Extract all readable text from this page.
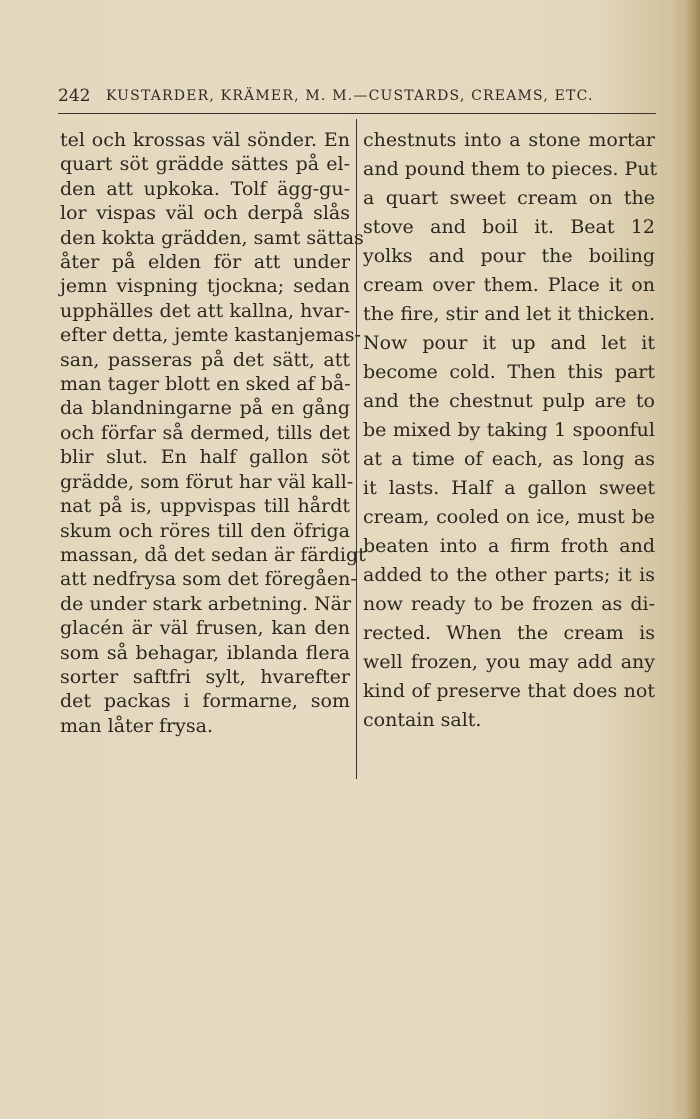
242 KUSTARDER, KRÄMER, M. M.—CUSTARDS, CREAMS, ETC.
tel och krossas väl sönder. En
quart söt grädde sättes på el-
den att upkoka. Tolf ägg-gu-
lor vispas väl och derpå slås
den kokta grädden, samt sättas
åter på elden för att under
jemn vispning tjockna; sedan
upphälles det att kallna, hvar-
efter detta, jemte kastanjemas-
san, passeras på det sätt, att
man tager blott en sked af bå-
da blandningarne på en gång
och förfar så dermed, tills det
blir slut. En half gallon söt
grädde, som förut har väl kall-
nat på is, uppvispas till hårdt
skum och röres till den öfriga
massan, då det sedan är färdigt
att nedfrysa som det föregåen-
de under stark arbetning. När
glacén är väl frusen, kan den
som så behagar, iblanda flera
sorter saftfri sylt, hvarefter
det packas i formarne, som
man låter frysa.
chestnuts into a stone mortar
and pound them to pieces. Put
a quart sweet cream on the
stove and boil it. Beat 12
yolks and pour the boiling
cream over them. Place it on
the fire, stir and let it thicken.
Now pour it up and let it
become cold. Then this part
and the chestnut pulp are to
be mixed by taking 1 spoonful
at a time of each, as long as
it lasts. Half a gallon sweet
cream, cooled on ice, must be
beaten into a firm froth and
added to the other parts; it is
now ready to be frozen as di-
rected. When the cream is
well frozen, you may add any
kind of preserve that does not
contain salt.
